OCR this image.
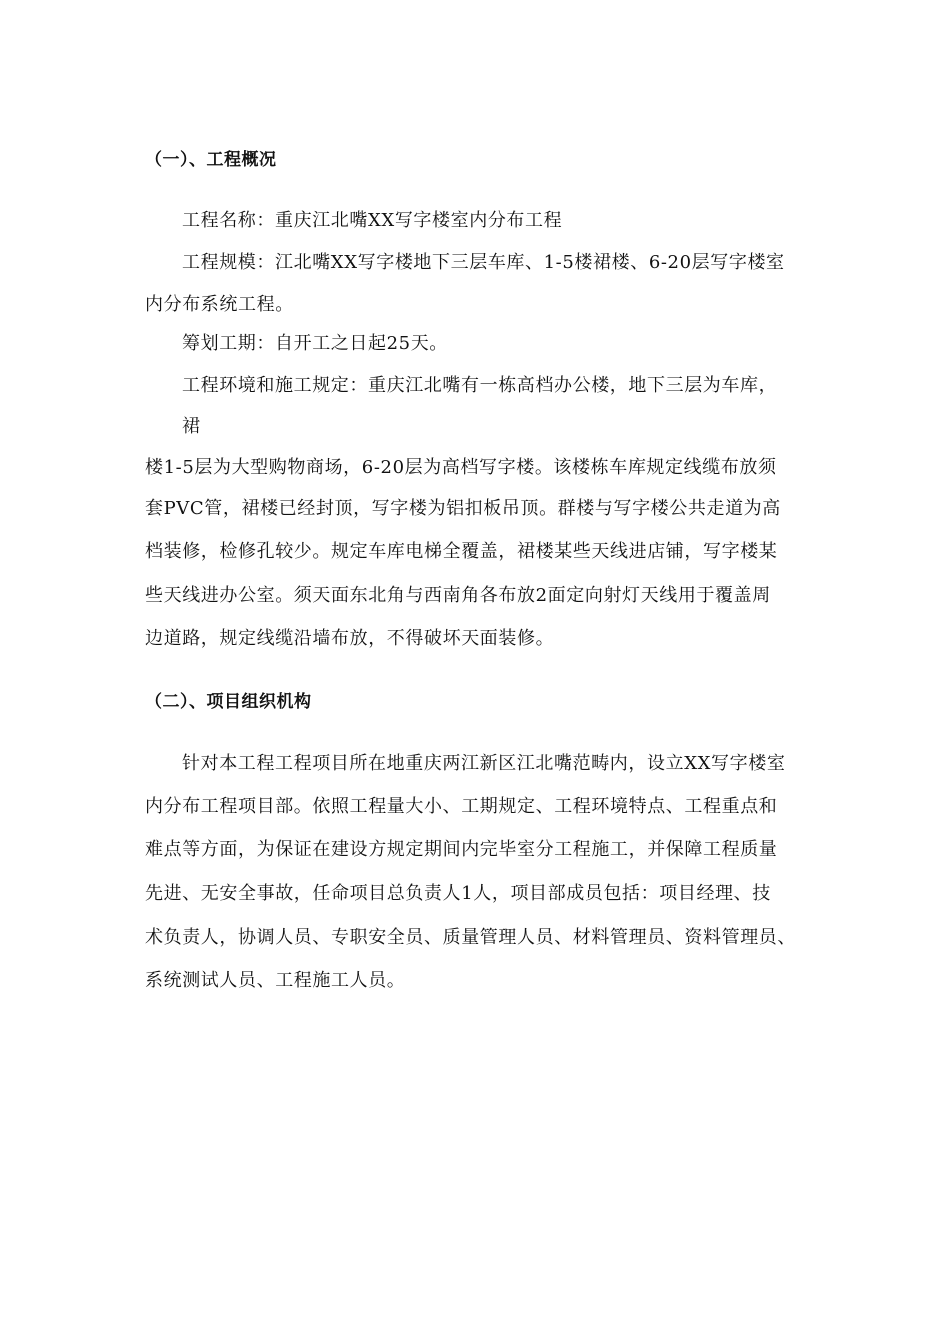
（一）、工程概况
工程名称：重庆江北嘴XX写字楼室内分布工程
工程规模：江北嘴XX写字楼地下三层车库、1-5楼裙楼、6-20层写字楼室
内分布系统工程。
筹划工期：自开工之日起25天。
工程环境和施工规定：重庆江北嘴有一栋高档办公楼，地下三层为车库，
裙
楼1-5层为大型购物商场，6-20层为高档写字楼。该楼栋车库规定线缆布放须
套PVC管，裙楼已经封顶，写字楼为铝扣板吊顶。群楼与写字楼公共走道为高
档装修，检修孔较少。规定车库电梯全覆盖，裙楼某些天线进店铺，写字楼某
些天线进办公室。须天面东北角与西南角各布放2面定向射灯天线用于覆盖周
边道路，规定线缆沿墙布放，不得破坏天面装修。
（二）、项目组织机构
针对本工程工程项目所在地重庆两江新区江北嘴范畴内，设立XX写字楼室
内分布工程项目部。依照工程量大小、工期规定、工程环境特点、工程重点和
难点等方面，为保证在建设方规定期间内完毕室分工程施工，并保障工程质量
先进、无安全事故，任命项目总负责人1人，项目部成员包括：项目经理、技
术负责人，协调人员、专职安全员、质量管理人员、材料管理员、资料管理员、
系统测试人员、工程施工人员。
